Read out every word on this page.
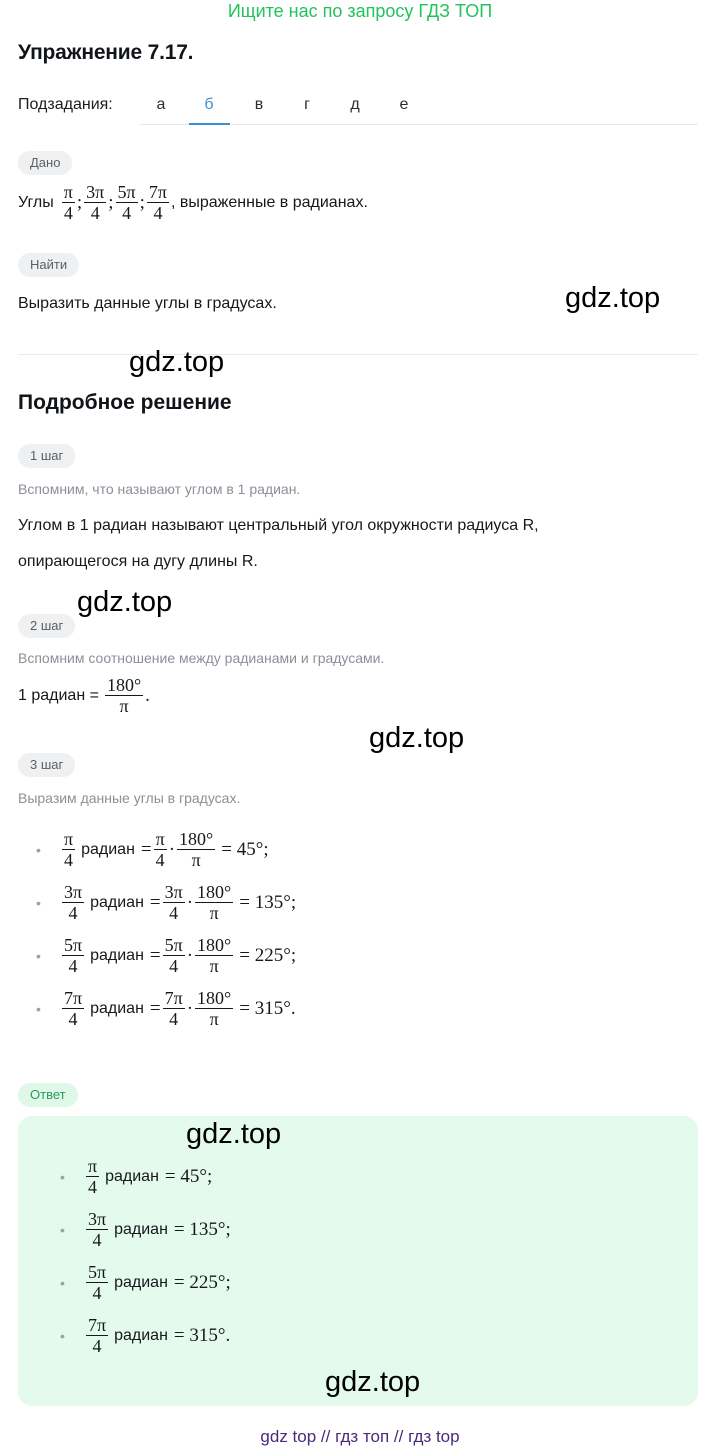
Ищите нас по запросу ГДЗ ТОП
Упражнение 7.17.
Подзадания:	а	б	в	г	д	е
Дано
Углы $\frac{\pi}{4}$ ; $\frac{3\pi}{4}$ ; $\frac{5\pi}{4}$ ; $\frac{7\pi}{4}$ , выраженные в радианах.
Найти
Выразить данные углы в градусах.	gdz.top
gdz.top
Подробное решение
1 шаг
Вспомним, что называют углом в 1 радиан.
Углом в 1 радиан называют центральный угол окружности радиуса R,
опирающегося на дугу длины R.
gdz.top
2 шаг
Вспомним соотношение между радианами и градусами.
1 радиан = $\frac{180^\circ}{\pi}$ .
gdz.top
3 шаг
Выразим данные углы в градусах.
•	$\frac{\pi}{4}$ радиан = $\frac{\pi}{4} \cdot \frac{180^\circ}{\pi} = 45^\circ$;
•	$\frac{3\pi}{4}$ радиан = $\frac{3\pi}{4} \cdot \frac{180^\circ}{\pi} = 135^\circ$;
•	$\frac{5\pi}{4}$ радиан = $\frac{5\pi}{4} \cdot \frac{180^\circ}{\pi} = 225^\circ$;
•	$\frac{7\pi}{4}$ радиан = $\frac{7\pi}{4} \cdot \frac{180^\circ}{\pi} = 315^\circ$.
Ответ
gdz.top
•	$\frac{\pi}{4}$ радиан = 45°;
•	$\frac{3\pi}{4}$ радиан = 135°;
•	$\frac{5\pi}{4}$ радиан = 225°;
•	$\frac{7\pi}{4}$ радиан = 315°.
gdz.top
gdz top // гдз топ // гдз top
